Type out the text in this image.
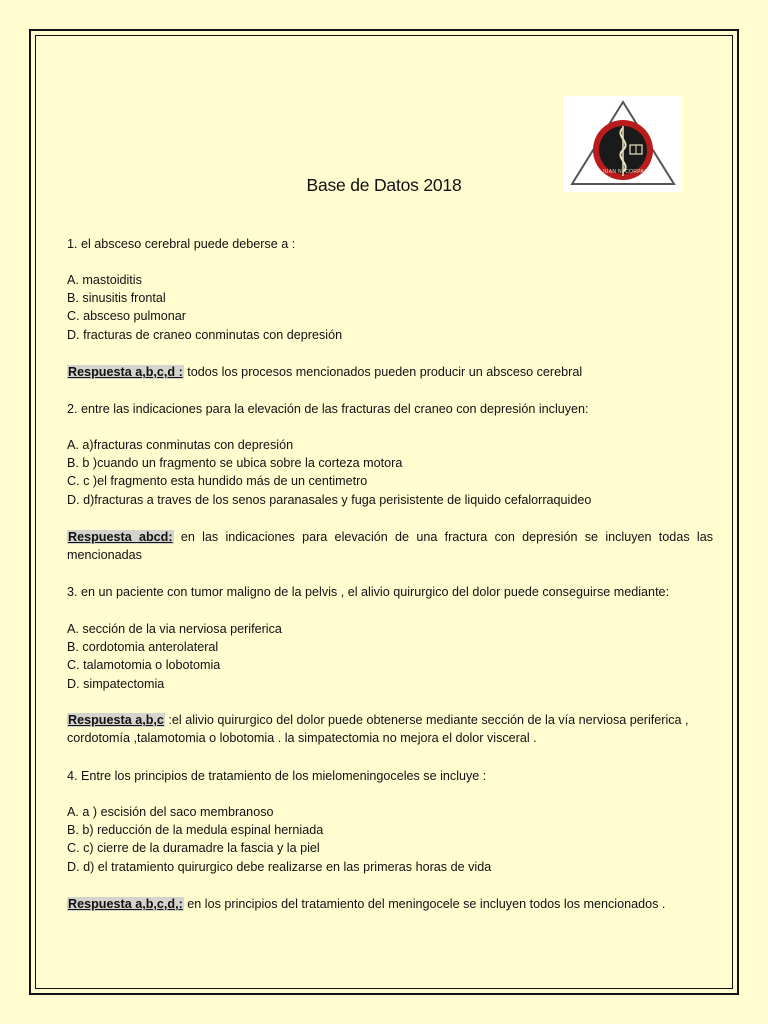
JUAN N. CORPAS
Base de Datos 2018

1. el absceso cerebral puede deberse a :

A. mastoiditis

B. sinusitis frontal

C. absceso pulmonar

D. fracturas de craneo conminutas con depresión

Respuesta a,b,c,d : todos los procesos mencionados pueden producir un absceso cerebral

2. entre las indicaciones para la elevación de las fracturas del craneo con depresión incluyen:

A. a)fracturas conminutas con depresión

B. b )cuando un fragmento se ubica sobre la corteza motora

C. c )el fragmento esta hundido más de un centimetro

D. d)fracturas a traves de los senos paranasales y fuga perisistente de liquido cefalorraquideo

Respuesta abcd: en las indicaciones para elevación de una fractura con depresión se incluyen todas las mencionadas

3. en un paciente con tumor maligno de la pelvis , el alivio quirurgico del dolor puede conseguirse mediante:

A. sección de la via nerviosa periferica

B. cordotomia anterolateral

C. talamotomia o lobotomia

D. simpatectomia

Respuesta a,b,c :el alivio quirurgico del dolor puede obtenerse mediante sección de la vía nerviosa periferica , cordotomía ,talamotomia o lobotomia . la simpatectomia no mejora el dolor visceral .

4. Entre los principios de tratamiento de los mielomeningoceles se incluye :

A. a ) escisión del saco membranoso

B. b) reducción de la medula espinal herniada

C. c) cierre de la duramadre la fascia y la piel

D. d) el tratamiento quirurgico debe realizarse en las primeras horas de vida

Respuesta a,b,c,d,: en los principios del tratamiento del meningocele se incluyen todos los mencionados .
